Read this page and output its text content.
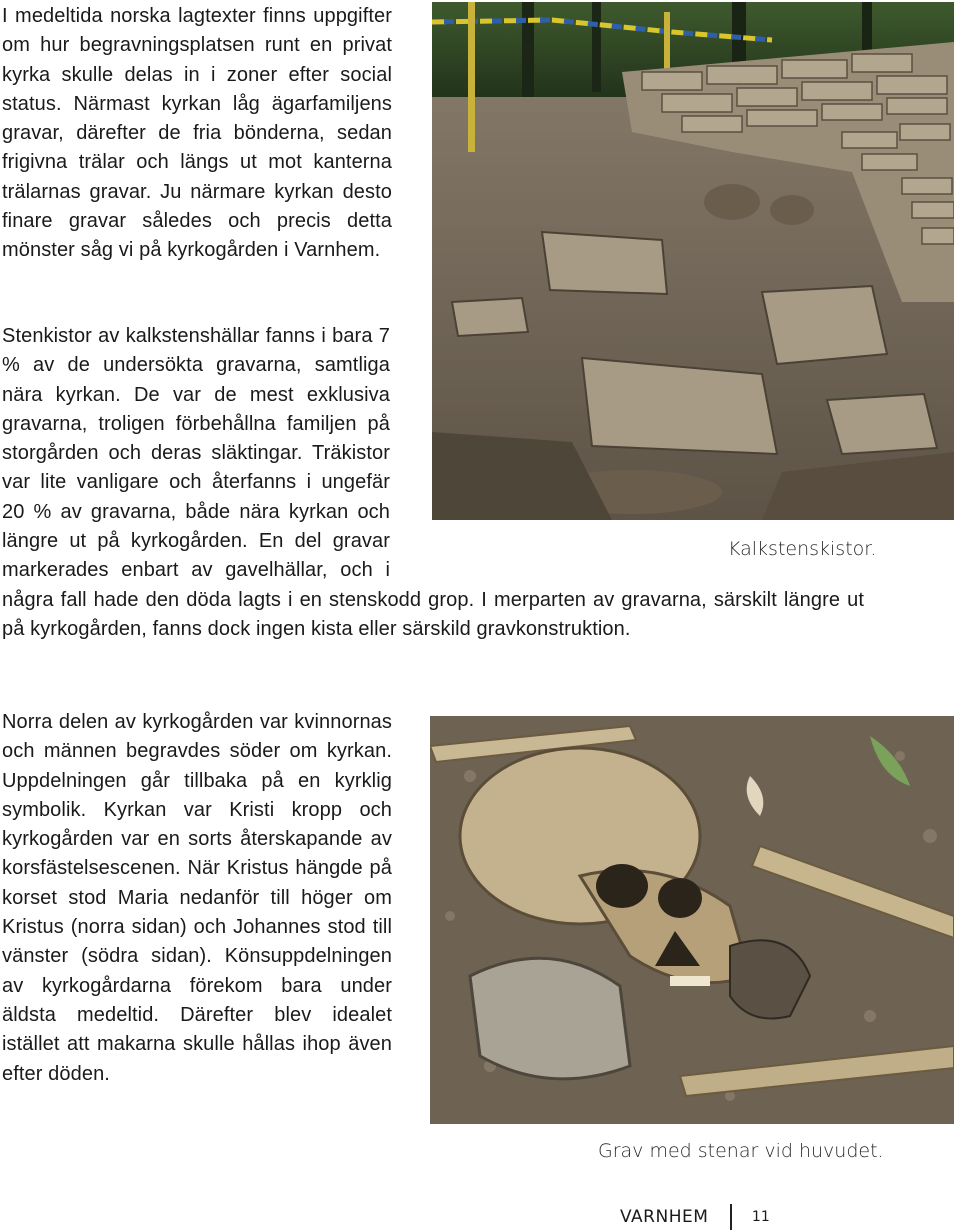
I medeltida norska lagtexter finns uppgifter om hur begravningsplatsen runt en privat kyrka skulle delas in i zoner efter social status. Närmast kyrkan låg ägarfamiljens gravar, därefter de fria bönderna, sedan frigivna trälar och längs ut mot kanterna trälarnas gravar. Ju närmare kyrkan desto finare gravar således och precis detta mönster såg vi på kyrkogården i Varnhem.

Kalkstenskistor.

Stenkistor av kalkstenshällar fanns i bara 7 % av de undersökta gravarna, samtliga nära kyrkan. De var de mest exklusiva gravarna, troligen förbehållna familjen på storgården och deras släktingar. Träkistor var lite vanligare och återfanns i ungefär 20 % av gravarna, både nära kyrkan och längre ut på kyrkogården. En del gravar markerades enbart av gavelhällar, och i några fall hade den döda lagts i en stenskodd grop. I merparten av gravarna, särskilt längre ut på kyrkogården, fanns dock ingen kista eller särskild gravkonstruktion.

Norra delen av kyrkogården var kvinnornas och männen begravdes söder om kyrkan. Uppdelningen går tillbaka på en kyrklig symbolik. Kyrkan var Kristi kropp och kyrkogården var en sorts återskapande av korsfästelsescenen. När Kristus hängde på korset stod Maria nedanför till höger om Kristus (norra sidan) och Johannes stod till vänster (södra sidan). Könsuppdelningen av kyrkogårdarna förekom bara under äldsta medeltid. Därefter blev idealet istället att makarna skulle hållas ihop även efter döden.

Grav med stenar vid huvudet.

VARNHEM	11
